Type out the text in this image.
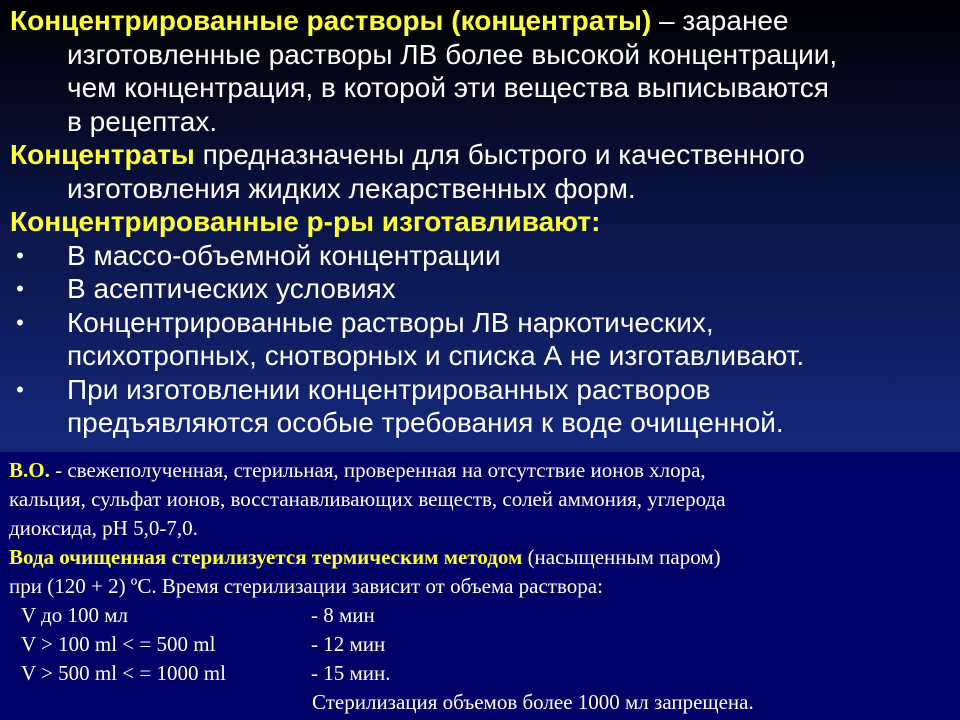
Концентрированные растворы (концентраты) – заранее
изготовленные растворы ЛВ более высокой концентрации,
чем концентрация, в которой эти вещества выписываются
в рецептах.
Концентраты предназначены для быстрого и качественного
изготовления жидких лекарственных форм.
Концентрированные р-ры изготавливают:
• В массо-объемной концентрации
• В асептических условиях
• Концентрированные растворы ЛВ наркотических,
психотропных, снотворных и списка А не изготавливают.
• При изготовлении концентрированных растворов
предъявляются особые требования к воде очищенной.
В.О. - свежеполученная, стерильная, проверенная на отсутствие ионов хлора,
кальция, сульфат ионов, восстанавливающих веществ, солей аммония, углерода
диоксида, рН 5,0-7,0.
Вода очищенная стерилизуется термическим методом (насыщенным паром)
при (120 + 2) ºС. Время стерилизации зависит от объема раствора:
V до 100 мл	- 8 мин
V > 100 ml < = 500 ml	- 12 мин
V > 500 ml < = 1000 ml	- 15 мин.
Стерилизация объемов более 1000 мл запрещена.
